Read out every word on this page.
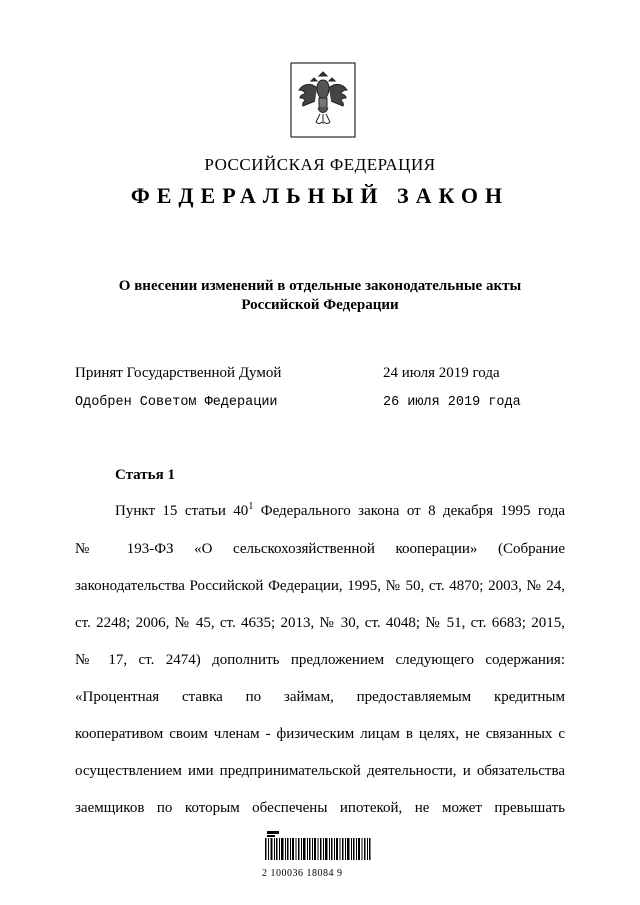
РОССИЙСКАЯ ФЕДЕРАЦИЯ
ФЕДЕРАЛЬНЫЙ ЗАКОН
О внесении изменений в отдельные законодательные акты
Российской Федерации
Принят Государственной Думой	24 июля 2019 года
Одобрен Советом Федерации	26 июля 2019 года
Статья 1
Пункт 15 статьи $40^1$ Федерального закона от 8 декабря 1995 года
№ 193-ФЗ «О сельскохозяйственной кооперации» (Собрание
законодательства Российской Федерации, 1995, № 50, ст. 4870; 2003, № 24,
ст. 2248; 2006, № 45, ст. 4635; 2013, № 30, ст. 4048; № 51, ст. 6683; 2015,
№ 17, ст. 2474) дополнить предложением следующего содержания:
«Процентная ставка по займам, предоставляемым кредитным
кооперативом своим членам - физическим лицам в целях, не связанных с
осуществлением ими предпринимательской деятельности, и обязательства
заемщиков по которым обеспечены ипотекой, не может превышать
2 100036 18084 9
